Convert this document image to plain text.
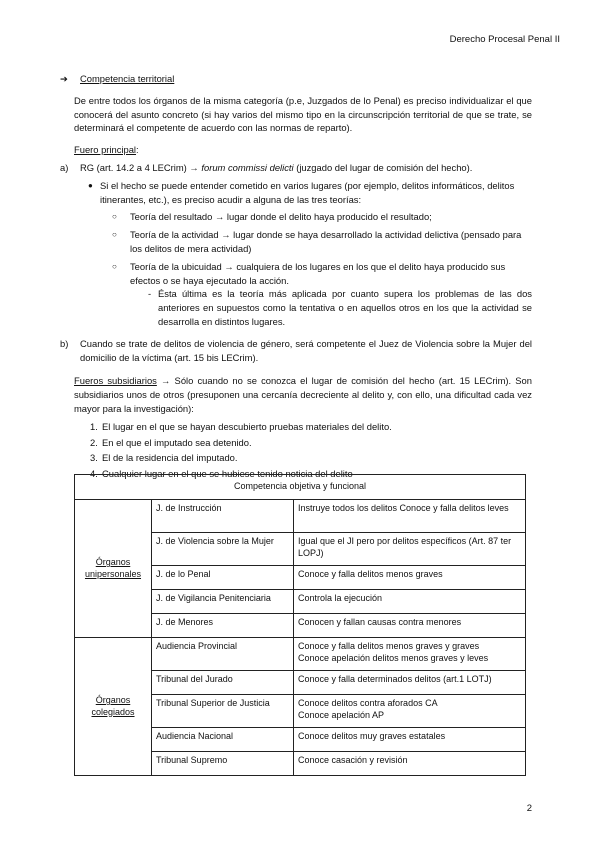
Derecho Procesal Penal II
➔ Competencia territorial

De entre todos los órganos de la misma categoría (p.e, Juzgados de lo Penal) es preciso individualizar el que conocerá del asunto concreto (si hay varios del mismo tipo en la circunscripción territorial de que se trate, se determinará el competente de acuerdo con las normas de reparto).

Fuero principal:

a) RG (art. 14.2 a 4 LECrim) → forum commissi delicti (juzgado del lugar de comisión del hecho).
● Si el hecho se puede entender cometido en varios lugares (por ejemplo, delitos informáticos, delitos itinerantes, etc.), es preciso acudir a alguna de las tres teorías:
○ Teoría del resultado → lugar donde el delito haya producido el resultado;
○ Teoría de la actividad → lugar donde se haya desarrollado la actividad delictiva (pensado para los delitos de mera actividad)
○ Teoría de la ubicuidad → cualquiera de los lugares en los que el delito haya producido sus efectos o se haya ejecutado la acción.
- Ésta última es la teoría más aplicada por cuanto supera los problemas de las dos anteriores en supuestos como la tentativa o en aquellos otros en los que la actividad se desarrolla en distintos lugares.
b) Cuando se trate de delitos de violencia de género, será competente el Juez de Violencia sobre la Mujer del domicilio de la víctima (art. 15 bis LECrim).

Fueros subsidiarios → Sólo cuando no se conozca el lugar de comisión del hecho (art. 15 LECrim). Son subsidiarios unos de otros (presuponen una cercanía decreciente al delito y, con ello, una dificultad cada vez mayor para la investigación):

1. El lugar en el que se hayan descubierto pruebas materiales del delito.
2. En el que el imputado sea detenido.
3. El de la residencia del imputado.
4. Cualquier lugar en el que se hubiese tenido noticia del delito
Competencia objetiva y funcional		
Órganos
unipersonales	J. de Instrucción	Instruye todos los delitos Conoce y falla delitos leves
	J. de Violencia sobre la Mujer	Igual que el JI pero por delitos específicos (Art. 87 ter LOPJ)
	J. de lo Penal	Conoce y falla delitos menos graves
	J. de Vigilancia Penitenciaria	Controla la ejecución
	J. de Menores	Conocen y fallan causas contra menores
Órganos
colegiados	Audiencia Provincial	Conoce y falla delitos menos graves y graves
Conoce apelación delitos menos graves y leves
	Tribunal del Jurado	Conoce y falla determinados delitos (art.1 LOTJ)
	Tribunal Superior de Justicia	Conoce delitos contra aforados CA
Conoce apelación AP
	Audiencia Nacional	Conoce delitos muy graves estatales
	Tribunal Supremo	Conoce casación y revisión
2
